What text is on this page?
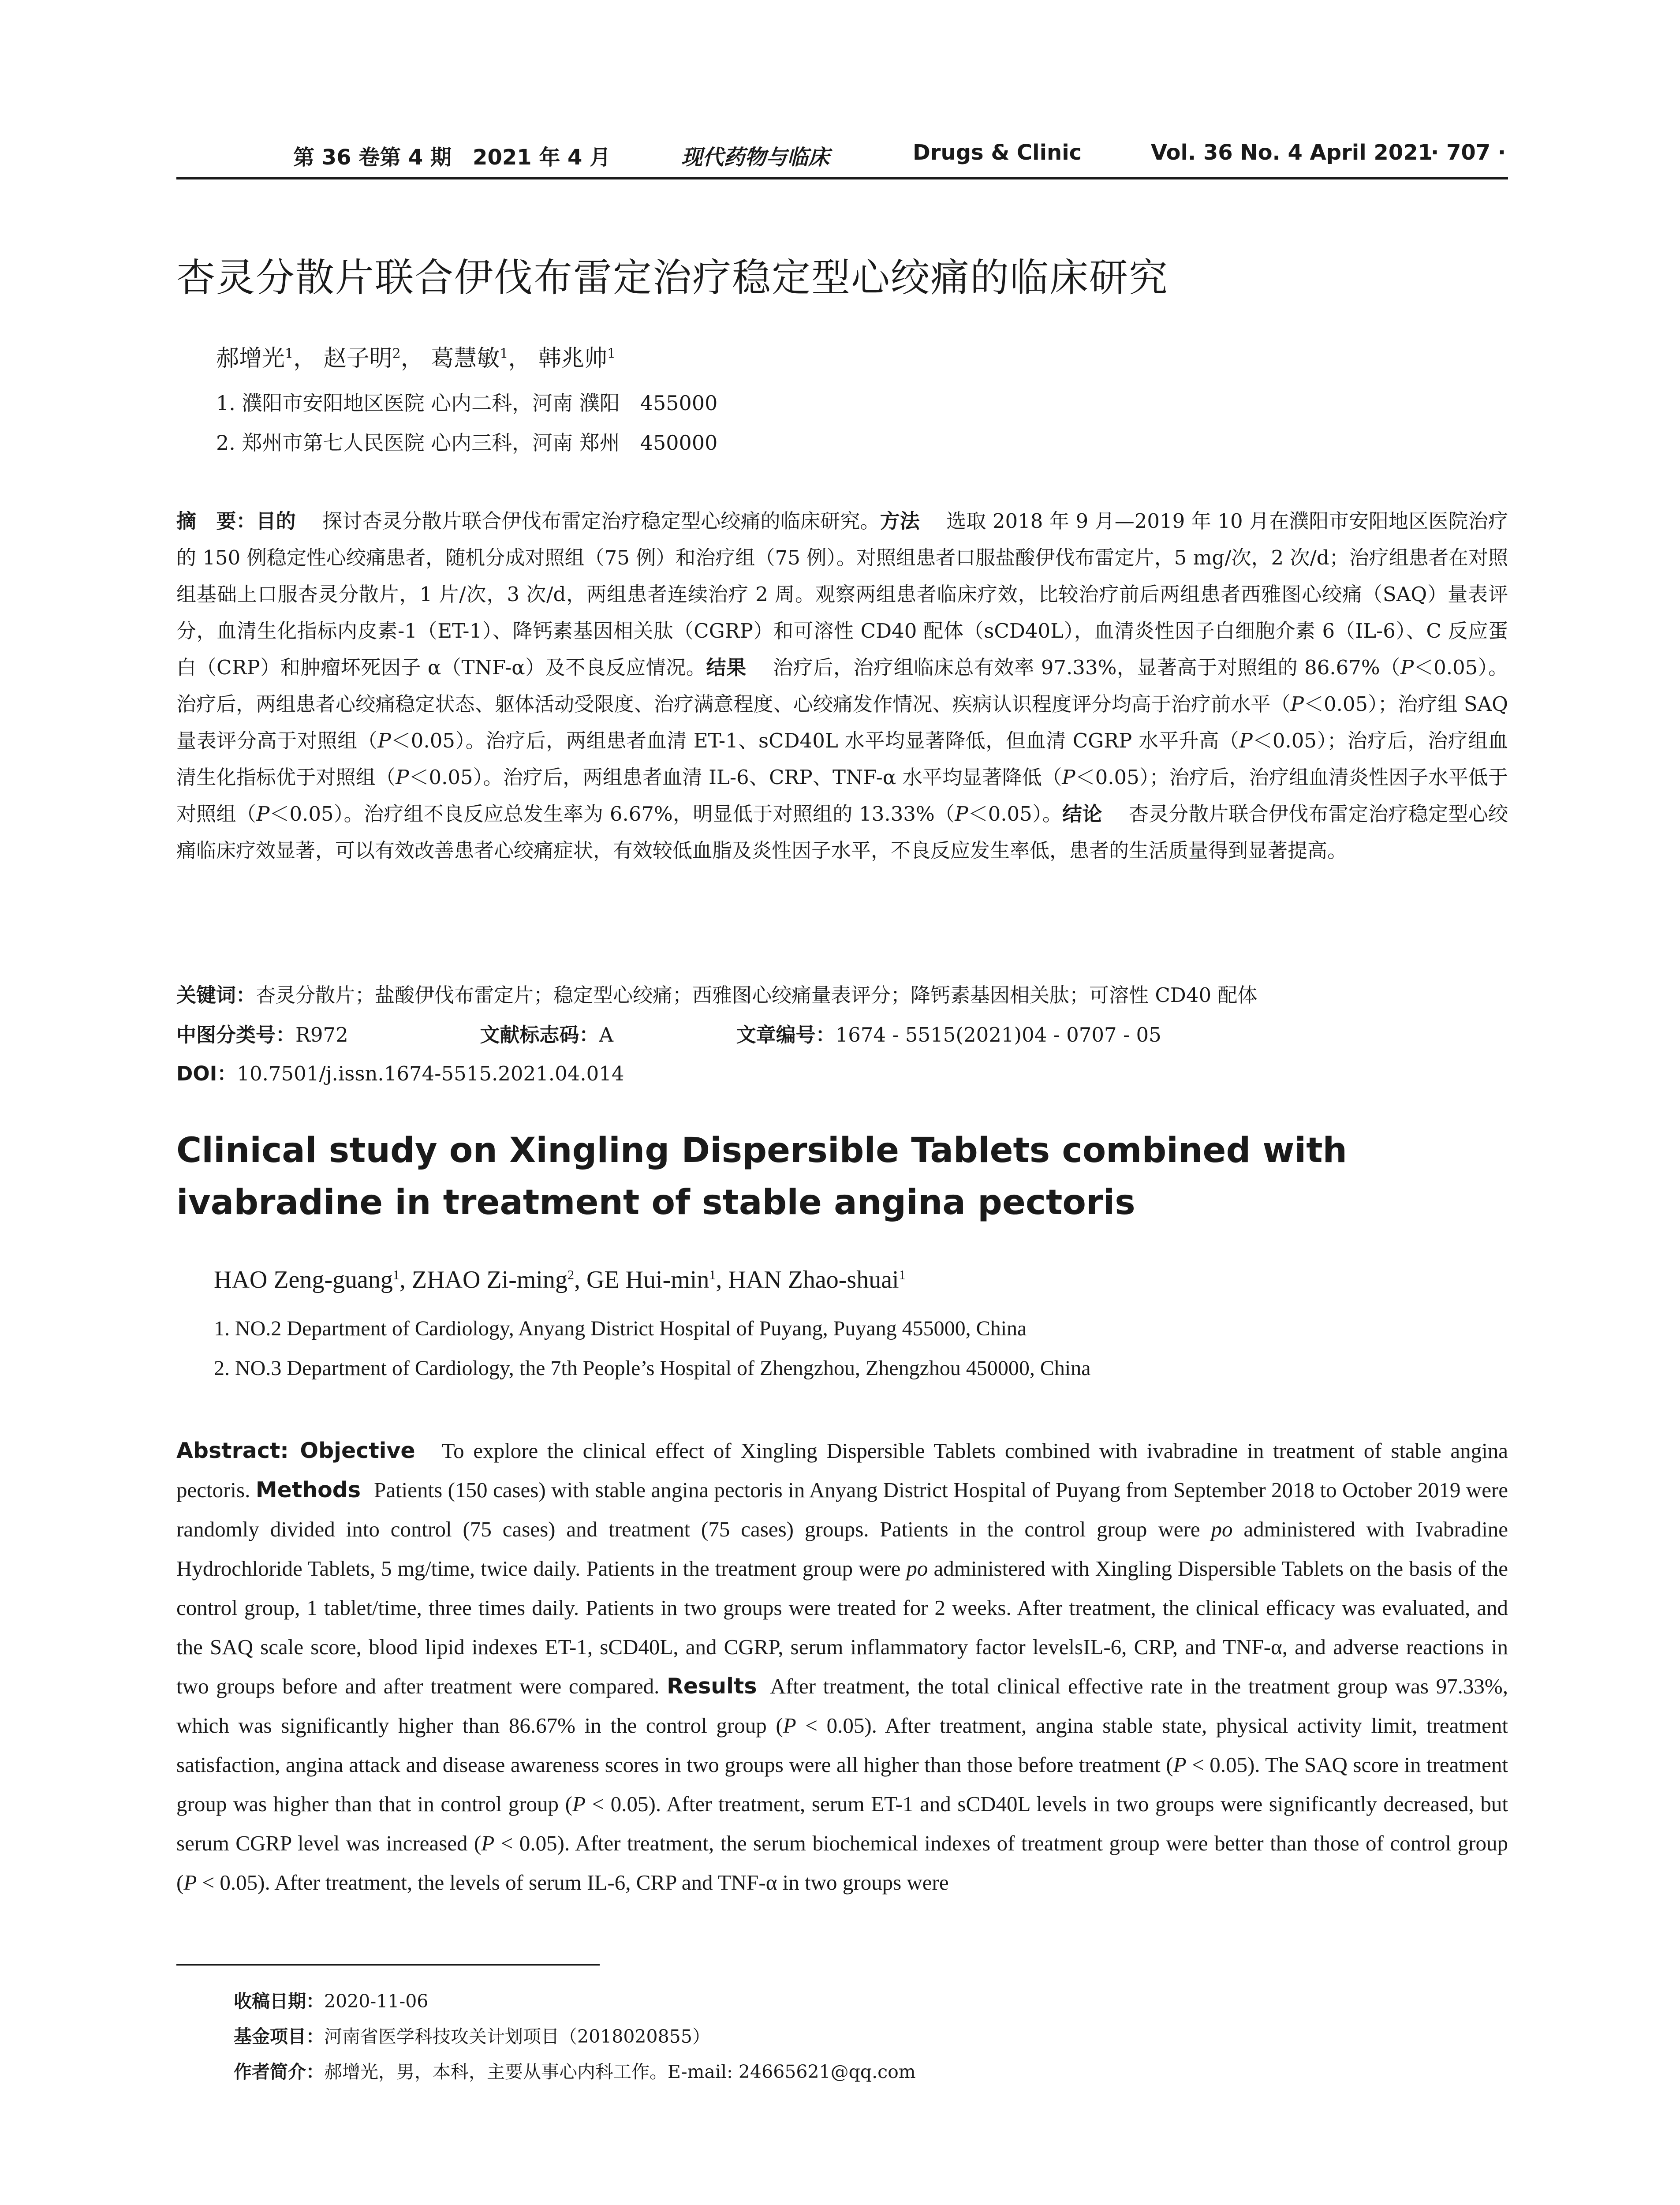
第 36 卷第 4 期　2021 年 4 月	现代药物与临床	Drugs & Clinic	Vol. 36 No. 4 April 2021
· 707 ·
杏灵分散片联合伊伐布雷定治疗稳定型心绞痛的临床研究
郝增光$^1$， 赵子明$^2$， 葛慧敏$^1$， 韩兆帅$^1$
1. 濮阳市安阳地区医院 心内二科，河南 濮阳　455000
2. 郑州市第七人民医院 心内三科，河南 郑州　450000
摘　要：目的 探讨杏灵分散片联合伊伐布雷定治疗稳定型心绞痛的临床研究。方法 选取 2018 年 9 月—2019 年 10 月在濮阳市安阳地区医院治疗的 150 例稳定性心绞痛患者，随机分成对照组（75 例）和治疗组（75 例）。对照组患者口服盐酸伊伐布雷定片，5 mg/次，2 次/d；治疗组患者在对照组基础上口服杏灵分散片，1 片/次，3 次/d，两组患者连续治疗 2 周。观察两组患者临床疗效，比较治疗前后两组患者西雅图心绞痛（SAQ）量表评分，血清生化指标内皮素-1（ET-1）、降钙素基因相关肽（CGRP）和可溶性 CD40 配体（sCD40L），血清炎性因子白细胞介素 6（IL-6）、C 反应蛋白（CRP）和肿瘤坏死因子 α（TNF-α）及不良反应情况。结果 治疗后，治疗组临床总有效率 97.33%，显著高于对照组的 86.67%（P＜0.05）。治疗后，两组患者心绞痛稳定状态、躯体活动受限度、治疗满意程度、心绞痛发作情况、疾病认识程度评分均高于治疗前水平（P＜0.05）；治疗组 SAQ 量表评分高于对照组（P＜0.05）。治疗后，两组患者血清 ET-1、sCD40L 水平均显著降低，但血清 CGRP 水平升高（P＜0.05）；治疗后，治疗组血清生化指标优于对照组（P＜0.05）。治疗后，两组患者血清 IL-6、CRP、TNF-α 水平均显著降低（P＜0.05）；治疗后，治疗组血清炎性因子水平低于对照组（P＜0.05）。治疗组不良反应总发生率为 6.67%，明显低于对照组的 13.33%（P＜0.05）。结论 杏灵分散片联合伊伐布雷定治疗稳定型心绞痛临床疗效显著，可以有效改善患者心绞痛症状，有效较低血脂及炎性因子水平，不良反应发生率低，患者的生活质量得到显著提高。
关键词：杏灵分散片；盐酸伊伐布雷定片；稳定型心绞痛；西雅图心绞痛量表评分；降钙素基因相关肽；可溶性 CD40 配体
中图分类号：R972	文献标志码：A	文章编号：1674 - 5515(2021)04 - 0707 - 05
DOI：10.7501/j.issn.1674-5515.2021.04.014
Clinical study on Xingling Dispersible Tablets combined with ivabradine in treatment of stable angina pectoris
HAO Zeng-guang$^1$, ZHAO Zi-ming$^2$, GE Hui-$\min^1$, HAN Zhao-shuai$^1$
1. NO.2 Department of Cardiology, Anyang District Hospital of Puyang, Puyang 455000, China
2. NO.3 Department of Cardiology, the 7th People’s Hospital of Zhengzhou, Zhengzhou 450000, China
Abstract: Objective To explore the clinical effect of Xingling Dispersible Tablets combined with ivabradine in treatment of stable angina pectoris. Methods Patients (150 cases) with stable angina pectoris in Anyang District Hospital of Puyang from September 2018 to October 2019 were randomly divided into control (75 cases) and treatment (75 cases) groups. Patients in the control group were po administered with Ivabradine Hydrochloride Tablets, 5 mg/time, twice daily. Patients in the treatment group were po administered with Xingling Dispersible Tablets on the basis of the control group, 1 tablet/time, three times daily. Patients in two groups were treated for 2 weeks. After treatment, the clinical efficacy was evaluated, and the SAQ scale score, blood lipid indexes ET-1, sCD40L, and CGRP, serum inflammatory factor levelsIL-6, CRP, and TNF-α, and adverse reactions in two groups before and after treatment were compared. Results After treatment, the total clinical effective rate in the treatment group was 97.33%, which was significantly higher than 86.67% in the control group (P < 0.05). After treatment, angina stable state, physical activity limit, treatment satisfaction, angina attack and disease awareness scores in two groups were all higher than those before treatment (P < 0.05). The SAQ score in treatment group was higher than that in control group (P < 0.05). After treatment, serum ET-1 and sCD40L levels in two groups were significantly decreased, but serum CGRP level was increased (P < 0.05). After treatment, the serum biochemical indexes of treatment group were better than those of control group (P < 0.05). After treatment, the levels of serum IL-6, CRP and TNF-α in two groups were
收稿日期：2020-11-06
基金项目：河南省医学科技攻关计划项目（2018020855）
作者简介：郝增光，男，本科，主要从事心内科工作。E-mail: 24665621@qq.com
